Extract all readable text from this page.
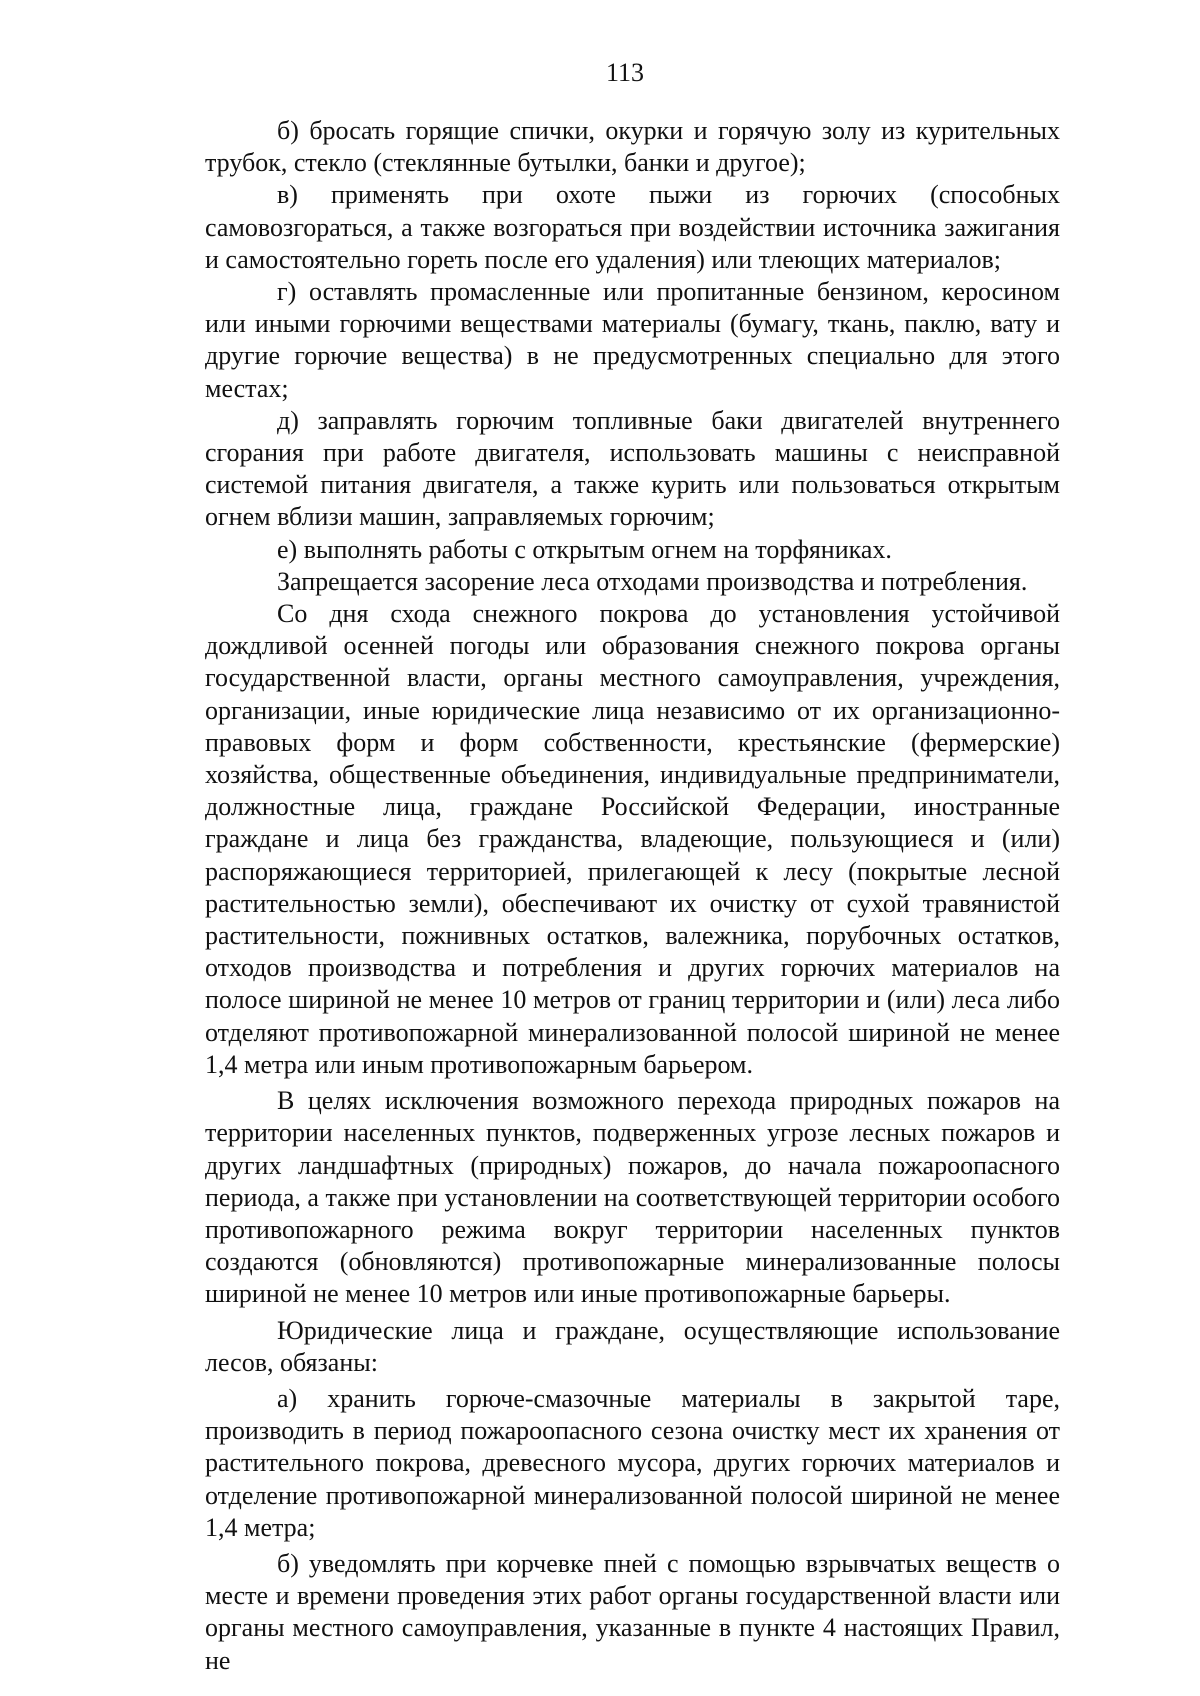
113

б) бросать горящие спички, окурки и горячую золу из курительных трубок, стекло (стеклянные бутылки, банки и другое);

в) применять при охоте пыжи из горючих (способных самовозгораться, а также возгораться при воздействии источника зажигания и самостоятельно гореть после его удаления) или тлеющих материалов;

г) оставлять промасленные или пропитанные бензином, керосином или иными горючими веществами материалы (бумагу, ткань, паклю, вату и другие горючие вещества) в не предусмотренных специально для этого местах;

д) заправлять горючим топливные баки двигателей внутреннего сгорания при работе двигателя, использовать машины с неисправной системой питания двигателя, а также курить или пользоваться открытым огнем вблизи машин, заправляемых горючим;

е) выполнять работы с открытым огнем на торфяниках.

Запрещается засорение леса отходами производства и потребления.

Со дня схода снежного покрова до установления устойчивой дождливой осенней погоды или образования снежного покрова органы государственной власти, органы местного самоуправления, учреждения, организации, иные юридические лица независимо от их организационно-правовых форм и форм собственности, крестьянские (фермерские) хозяйства, общественные объединения, индивидуальные предприниматели, должностные лица, граждане Российской Федерации, иностранные граждане и лица без гражданства, владеющие, пользующиеся и (или) распоряжающиеся территорией, прилегающей к лесу (покрытые лесной растительностью земли), обеспечивают их очистку от сухой травянистой растительности, пожнивных остатков, валежника, порубочных остатков, отходов производства и потребления и других горючих материалов на полосе шириной не менее 10 метров от границ территории и (или) леса либо отделяют противопожарной минерализованной полосой шириной не менее 1,4 метра или иным противопожарным барьером.

В целях исключения возможного перехода природных пожаров на территории населенных пунктов, подверженных угрозе лесных пожаров и других ландшафтных (природных) пожаров, до начала пожароопасного периода, а также при установлении на соответствующей территории особого противопожарного режима вокруг территории населенных пунктов создаются (обновляются) противопожарные минерализованные полосы шириной не менее 10 метров или иные противопожарные барьеры.

Юридические лица и граждане, осуществляющие использование лесов, обязаны:

а) хранить горюче-смазочные материалы в закрытой таре, производить в период пожароопасного сезона очистку мест их хранения от растительного покрова, древесного мусора, других горючих материалов и отделение противопожарной минерализованной полосой шириной не менее 1,4 метра;

б) уведомлять при корчевке пней с помощью взрывчатых веществ о месте и времени проведения этих работ органы государственной власти или органы местного самоуправления, указанные в пункте 4 настоящих Правил, не
